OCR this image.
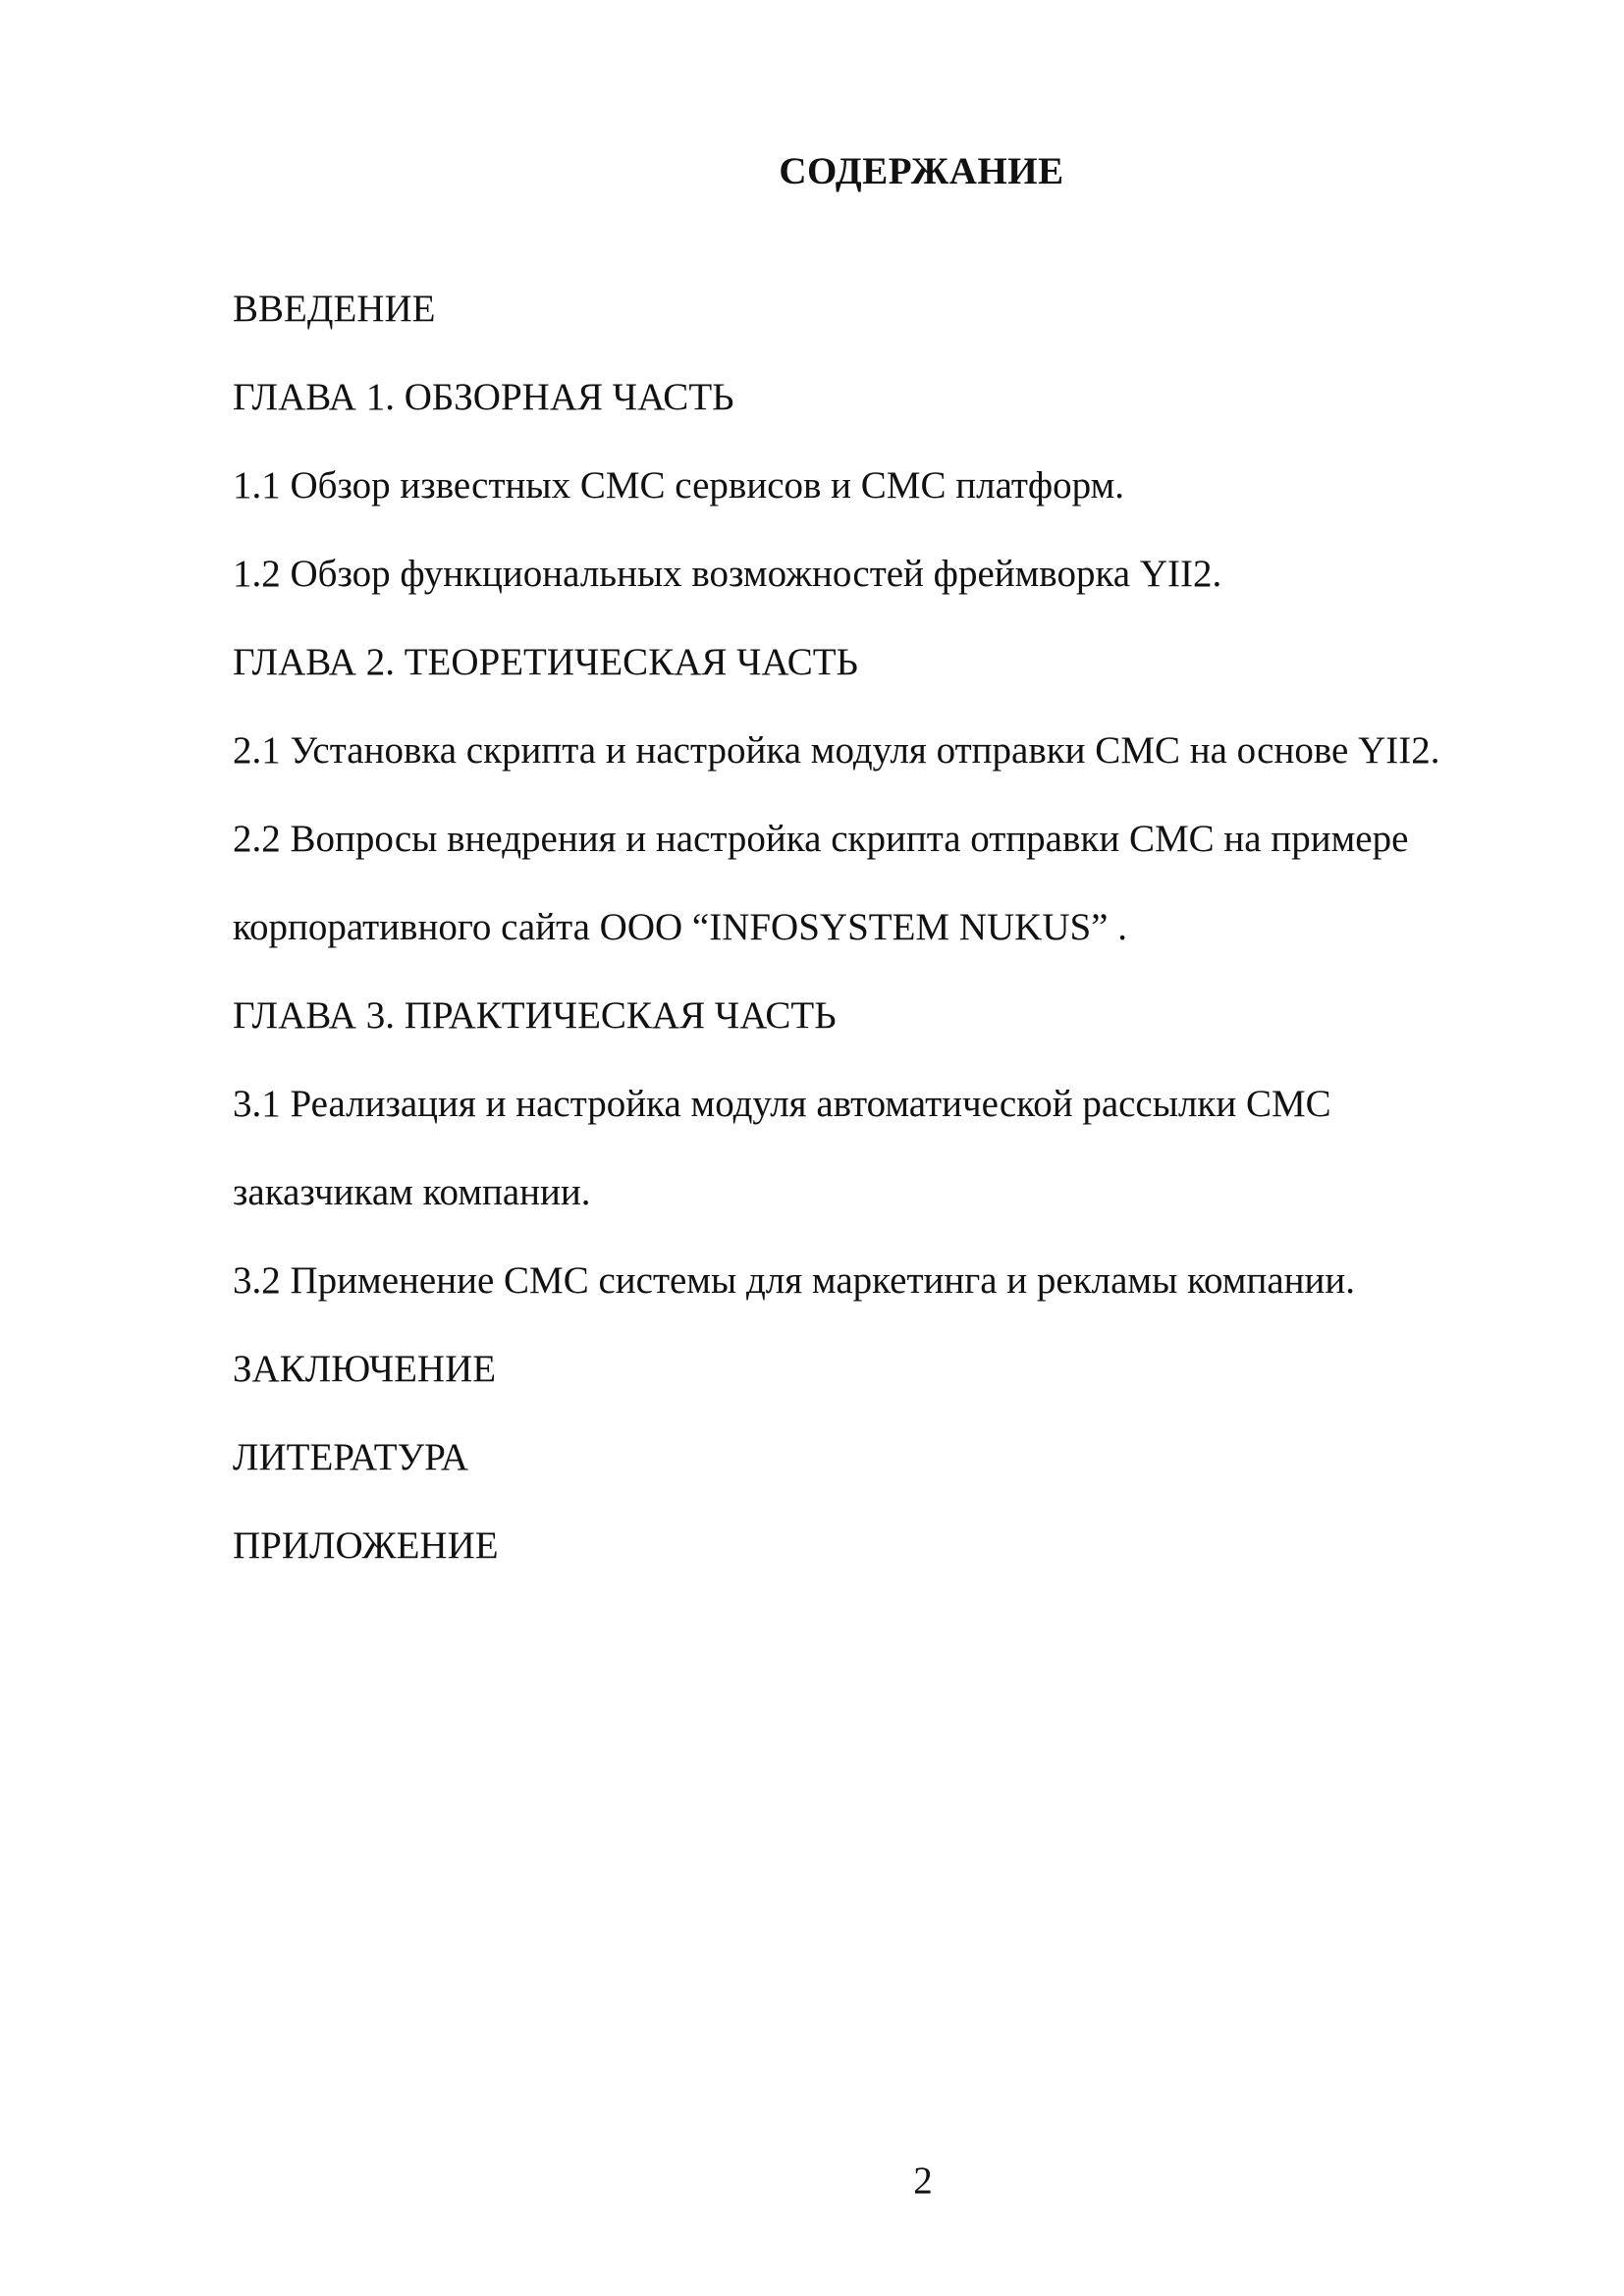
СОДЕРЖАНИЕ
ВВЕДЕНИЕ
ГЛАВА 1. ОБЗОРНАЯ ЧАСТЬ
1.1 Обзор известных СМС сервисов и СМС платформ.
1.2 Обзор функциональных возможностей фреймворка YII2.
ГЛАВА 2. ТЕОРЕТИЧЕСКАЯ ЧАСТЬ
2.1 Установка скрипта и настройка модуля отправки СМС на основе YII2.
2.2 Вопросы внедрения и настройка скрипта отправки СМС на примере
корпоративного сайта ООО “INFOSYSTEM NUKUS” .
ГЛАВА 3. ПРАКТИЧЕСКАЯ ЧАСТЬ
3.1 Реализация и настройка модуля автоматической рассылки СМС
заказчикам компании.
3.2 Применение СМС системы для маркетинга и рекламы компании.
ЗАКЛЮЧЕНИЕ
ЛИТЕРАТУРА
ПРИЛОЖЕНИЕ
2
